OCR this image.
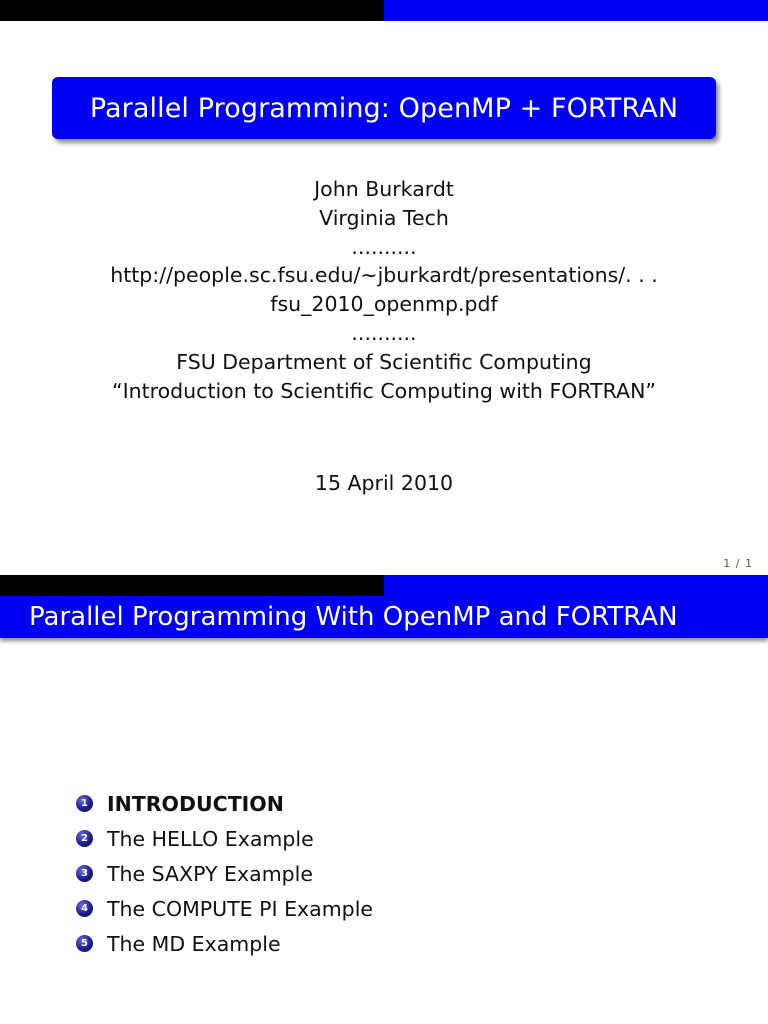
Parallel Programming: OpenMP + FORTRAN
John Burkardt
Virginia Tech
..........
http://people.sc.fsu.edu/∼jburkardt/presentations/. . .
fsu_2010_openmp.pdf
..........
FSU Department of Scientific Computing
“Introduction to Scientific Computing with FORTRAN”
15 April 2010
1 / 1
Parallel Programming With OpenMP and FORTRAN
1 INTRODUCTION
2 The HELLO Example
3 The SAXPY Example
4 The COMPUTE PI Example
5 The MD Example
